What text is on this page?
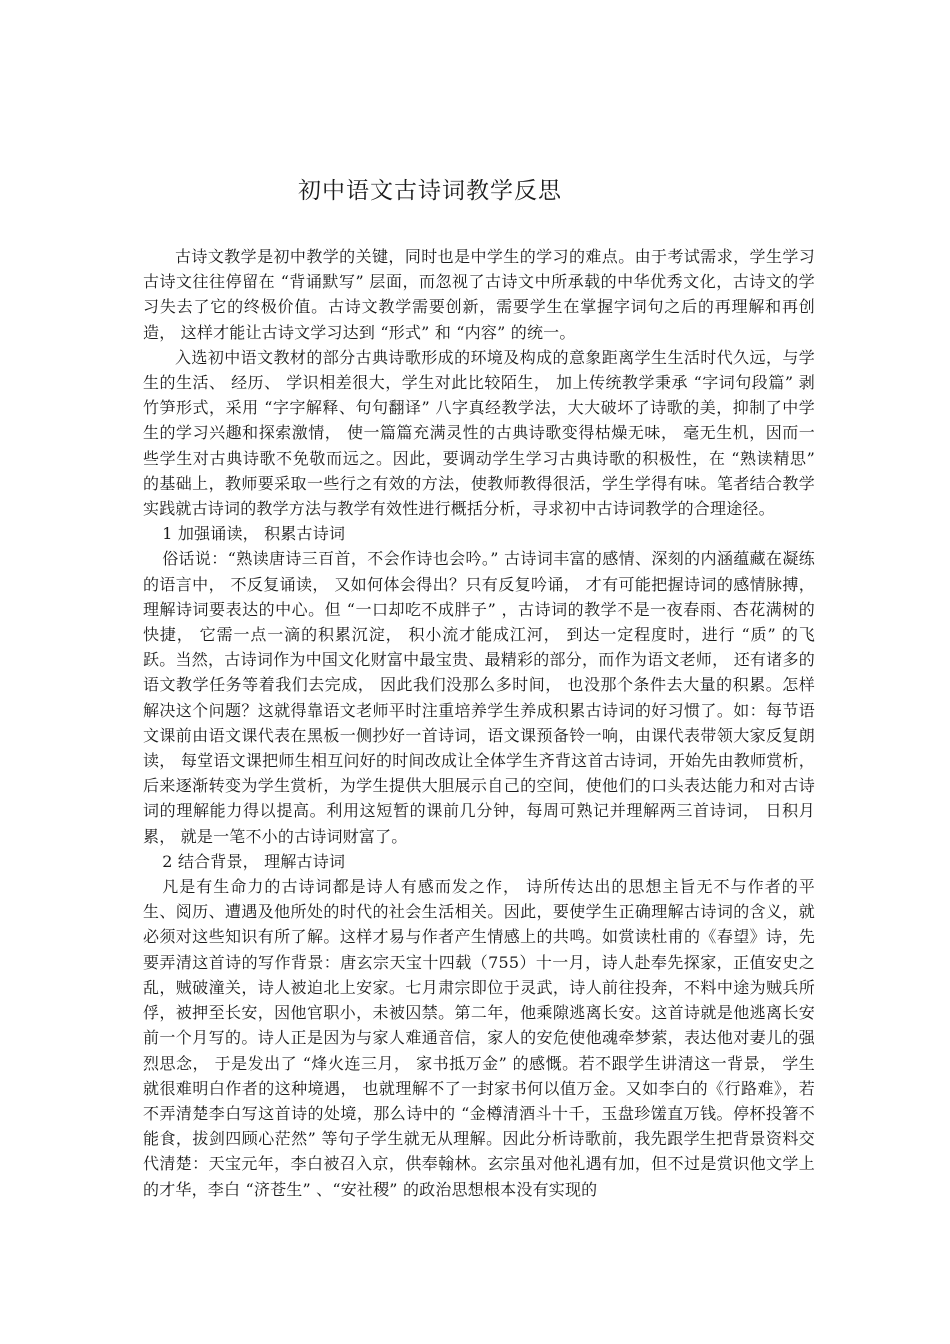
初中语文古诗词教学反思

古诗文教学是初中教学的关键，同时也是中学生的学习的难点。由于考试需求，学生学习古诗文往往停留在 “背诵默写” 层面，而忽视了古诗文中所承载的中华优秀文化，古诗文的学习失去了它的终极价值。古诗文教学需要创新，需要学生在掌握字词句之后的再理解和再创造， 这样才能让古诗文学习达到 “形式” 和 “内容” 的统一。

入选初中语文教材的部分古典诗歌形成的环境及构成的意象距离学生生活时代久远，与学生的生活、 经历、 学识相差很大，学生对此比较陌生， 加上传统教学秉承 “字词句段篇” 剥竹笋形式，采用 “字字解释、句句翻译” 八字真经教学法，大大破坏了诗歌的美，抑制了中学生的学习兴趣和探索激情， 使一篇篇充满灵性的古典诗歌变得枯燥无味， 毫无生机，因而一些学生对古典诗歌不免敬而远之。因此，要调动学生学习古典诗歌的积极性，在 “熟读精思” 的基础上，教师要采取一些行之有效的方法，使教师教得很活，学生学得有味。笔者结合教学实践就古诗词的教学方法与教学有效性进行概括分析，寻求初中古诗词教学的合理途径。

1 加强诵读， 积累古诗词

俗话说：“熟读唐诗三百首，不会作诗也会吟。” 古诗词丰富的感情、深刻的内涵蕴藏在凝练的语言中， 不反复诵读， 又如何体会得出？只有反复吟诵， 才有可能把握诗词的感情脉搏，理解诗词要表达的中心。但 “一口却吃不成胖子” ，古诗词的教学不是一夜春雨、杏花满树的快捷， 它需一点一滴的积累沉淀， 积小流才能成江河， 到达一定程度时，进行 “质” 的飞跃。当然，古诗词作为中国文化财富中最宝贵、最精彩的部分，而作为语文老师， 还有诸多的语文教学任务等着我们去完成， 因此我们没那么多时间， 也没那个条件去大量的积累。怎样解决这个问题？这就得靠语文老师平时注重培养学生养成积累古诗词的好习惯了。如：每节语文课前由语文课代表在黑板一侧抄好一首诗词，语文课预备铃一响，由课代表带领大家反复朗读， 每堂语文课把师生相互问好的时间改成让全体学生齐背这首古诗词，开始先由教师赏析，后来逐渐转变为学生赏析，为学生提供大胆展示自己的空间，使他们的口头表达能力和对古诗词的理解能力得以提高。利用这短暂的课前几分钟，每周可熟记并理解两三首诗词， 日积月累， 就是一笔不小的古诗词财富了。

2 结合背景， 理解古诗词

凡是有生命力的古诗词都是诗人有感而发之作， 诗所传达出的思想主旨无不与作者的平生、阅历、遭遇及他所处的时代的社会生活相关。因此，要使学生正确理解古诗词的含义，就必须对这些知识有所了解。这样才易与作者产生情感上的共鸣。如赏读杜甫的《春望》诗，先要弄清这首诗的写作背景：唐玄宗天宝十四载（755）十一月，诗人赴奉先探家，正值安史之乱，贼破潼关，诗人被迫北上安家。七月肃宗即位于灵武，诗人前往投奔，不料中途为贼兵所俘，被押至长安，因他官职小，未被囚禁。第二年，他乘隙逃离长安。这首诗就是他逃离长安前一个月写的。诗人正是因为与家人难通音信，家人的安危使他魂牵梦萦，表达他对妻儿的强烈思念， 于是发出了 “烽火连三月， 家书抵万金” 的感慨。若不跟学生讲清这一背景， 学生就很难明白作者的这种境遇， 也就理解不了一封家书何以值万金。又如李白的《行路难》，若不弄清楚李白写这首诗的处境，那么诗中的 “金樽清酒斗十千，玉盘珍馐直万钱。停杯投箸不能食，拔剑四顾心茫然” 等句子学生就无从理解。因此分析诗歌前，我先跟学生把背景资料交代清楚：天宝元年，李白被召入京，供奉翰林。玄宗虽对他礼遇有加，但不过是赏识他文学上的才华，李白 “济苍生” 、“安社稷” 的政治思想根本没有实现的
